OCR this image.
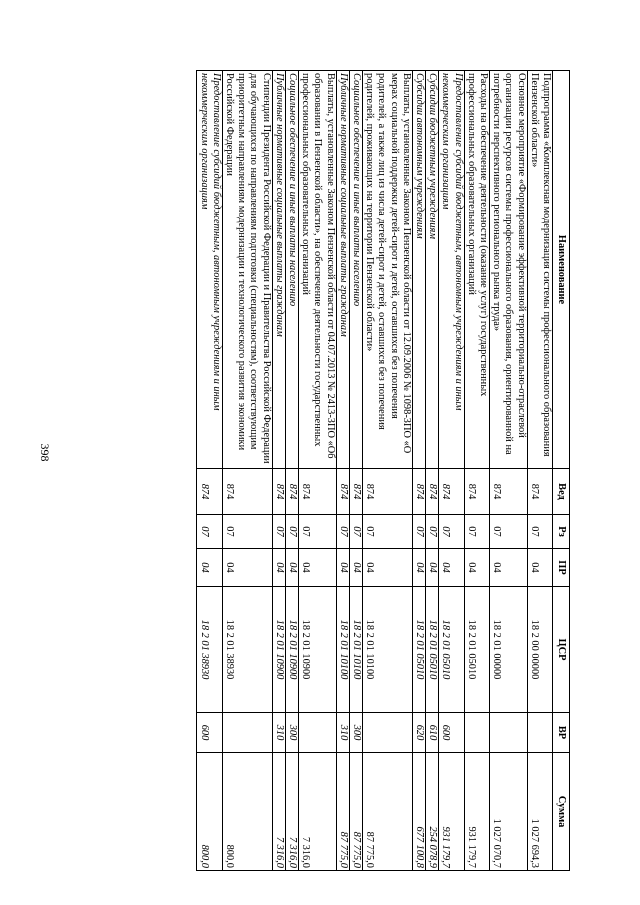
398
Наименование	Вед	Рз	ПР	ЦСР	ВР	Сумма
Подпрограмма «Комплексная модернизация системы профессионального образования Пензенской области»	874	07	04	18 2 00 00000		1 027 694,3
Основное мероприятие «Формирование эффективной территориально-отраслевой организации ресурсов системы профессионального образования, ориентированной на потребности перспективного регионального рынка труда»	874	07	04	18 2 01 00000		1 027 070,7
Расходы на обеспечение деятельности (оказание услуг) государственных профессиональных образовательных организаций	874	07	04	18 2 01 05010		931 179,7
Предоставление субсидий бюджетным, автономным учреждениям и иным некоммерческим организациям	874	07	04	18 2 01 05010	600	931 179,7
Субсидии бюджетным учреждениям	874	07	04	18 2 01 05010	610	254 078,9
Субсидии автономным учреждениям	874	07	04	18 2 01 05010	620	677 100,8
Выплаты, установленные Законом Пензенской области от 12.09.2006 № 1098-ЗПО «О мерах социальной поддержки детей-сирот и детей, оставшихся без попечения родителей, а также лиц из числа детей-сирот и детей, оставшихся без попечения родителей, проживающих на территории Пензенской области»	874	07	04	18 2 01 10100		87 775,0
Социальное обеспечение и иные выплаты населению	874	07	04	18 2 01 10100	300	87 775,0
Публичные нормативные социальные выплаты гражданам	874	07	04	18 2 01 10100	310	87 775,0
Выплаты, установленные Законом Пензенской области от 04.07.2013 № 2413-ЗПО «Об образовании в Пензенской области», на обеспечение деятельности государственных профессиональных образовательных организаций	874	07	04	18 2 01 10900		7 316,0
Социальное обеспечение и иные выплаты населению	874	07	04	18 2 01 10900	300	7 316,0
Публичные нормативные социальные выплаты гражданам	874	07	04	18 2 01 10900	310	7 316,0
Стипендии Президента Российской Федерации и Правительства Российской Федерации для обучающихся по направлениям подготовки (специальностям), соответствующим приоритетным направлениям модернизации и технологического развития экономики Российской Федерации	874	07	04	18 2 01 38930		800,0
Предоставление субсидий бюджетным, автономным учреждениям и иным некоммерческим организациям	874	07	04	18 2 01 38930	600	800,0
